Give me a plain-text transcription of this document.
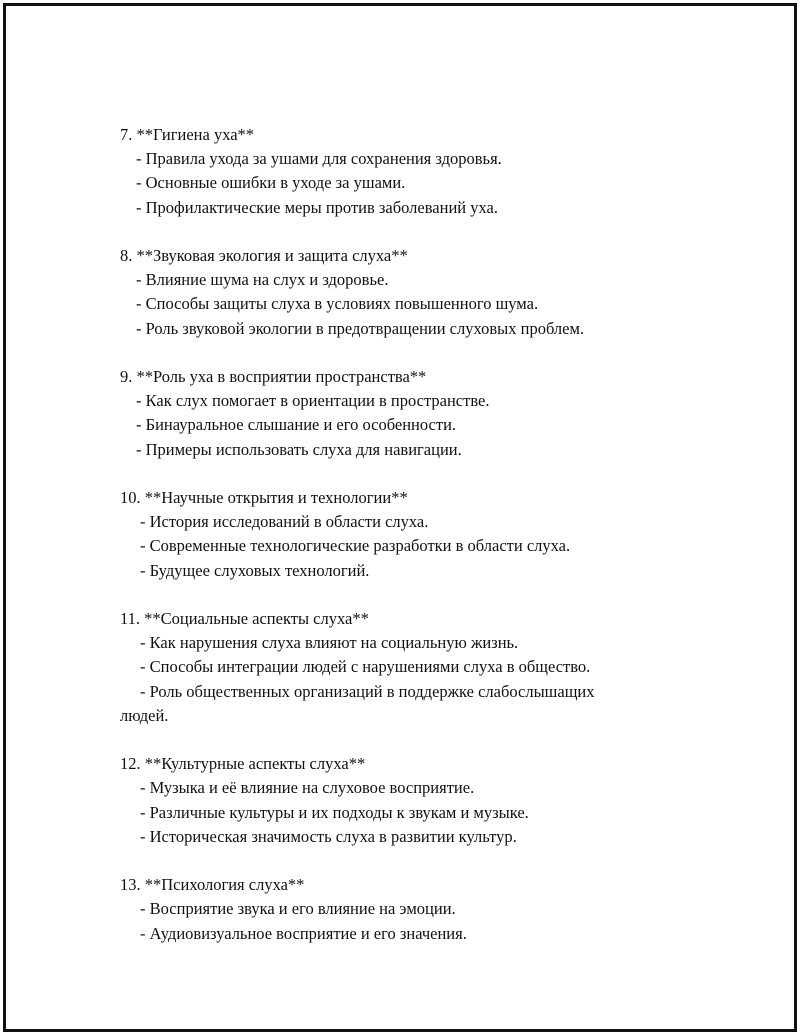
7. **Гигиена уха**

- Правила ухода за ушами для сохранения здоровья.

- Основные ошибки в уходе за ушами.

- Профилактические меры против заболеваний уха.

8. **Звуковая экология и защита слуха**

- Влияние шума на слух и здоровье.

- Способы защиты слуха в условиях повышенного шума.

- Роль звуковой экологии в предотвращении слуховых проблем.

9. **Роль уха в восприятии пространства**

- Как слух помогает в ориентации в пространстве.

- Бинауральное слышание и его особенности.

- Примеры использовать слуха для навигации.

10. **Научные открытия и технологии**

- История исследований в области слуха.

- Современные технологические разработки в области слуха.

- Будущее слуховых технологий.

11. **Социальные аспекты слуха**

- Как нарушения слуха влияют на социальную жизнь.

- Способы интеграции людей с нарушениями слуха в общество.

- Роль общественных организаций в поддержке слабослышащих

людей.

12. **Культурные аспекты слуха**

- Музыка и её влияние на слуховое восприятие.

- Различные культуры и их подходы к звукам и музыке.

- Историческая значимость слуха в развитии культур.

13. **Психология слуха**

- Восприятие звука и его влияние на эмоции.

- Аудиовизуальное восприятие и его значения.
